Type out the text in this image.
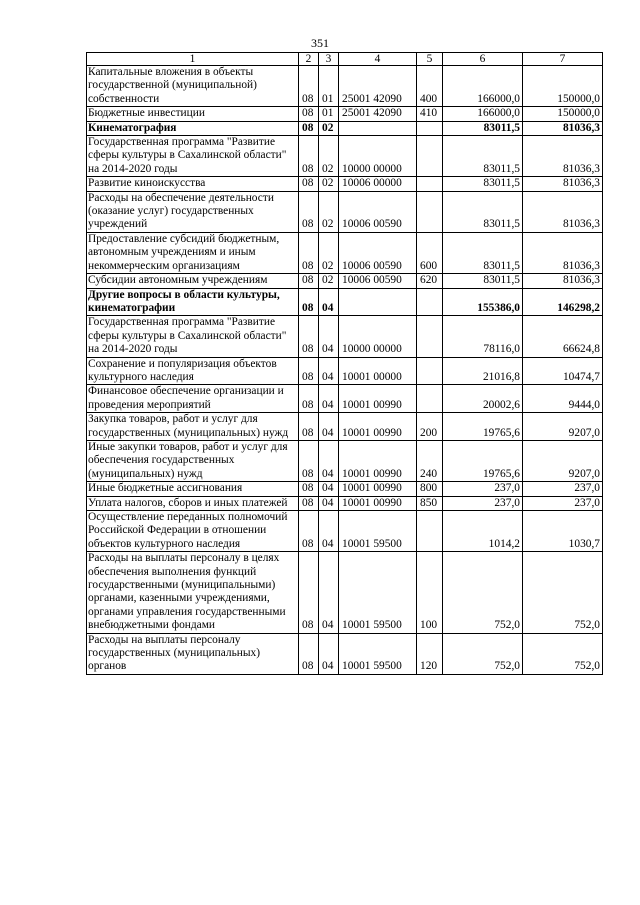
351
1	2	3	4	5	6	7
Капитальные вложения в объекты государственной (муниципальной) собственности	08	01	25001 42090	400	166000,0	150000,0
Бюджетные инвестиции	08	01	25001 42090	410	166000,0	150000,0
Кинематография	08	02			83011,5	81036,3
Государственная программа "Развитие сферы культуры в Сахалинской области" на 2014-2020 годы	08	02	10000 00000		83011,5	81036,3
Развитие киноискусства	08	02	10006 00000		83011,5	81036,3
Расходы на обеспечение деятельности (оказание услуг) государственных учреждений	08	02	10006 00590		83011,5	81036,3
Предоставление субсидий бюджетным, автономным учреждениям и иным некоммерческим организациям	08	02	10006 00590	600	83011,5	81036,3
Субсидии автономным учреждениям	08	02	10006 00590	620	83011,5	81036,3
Другие вопросы в области культуры, кинематографии	08	04			155386,0	146298,2
Государственная программа "Развитие сферы культуры в Сахалинской области" на 2014-2020 годы	08	04	10000 00000		78116,0	66624,8
Сохранение и популяризация объектов культурного наследия	08	04	10001 00000		21016,8	10474,7
Финансовое обеспечение организации и проведения мероприятий	08	04	10001 00990		20002,6	9444,0
Закупка товаров, работ и услуг для государственных (муниципальных) нужд	08	04	10001 00990	200	19765,6	9207,0
Иные закупки товаров, работ и услуг для обеспечения государственных (муниципальных) нужд	08	04	10001 00990	240	19765,6	9207,0
Иные бюджетные ассигнования	08	04	10001 00990	800	237,0	237,0
Уплата налогов, сборов и иных платежей	08	04	10001 00990	850	237,0	237,0
Осуществление переданных полномочий Российской Федерации в отношении объектов культурного наследия	08	04	10001 59500		1014,2	1030,7
Расходы на выплаты персоналу в целях обеспечения выполнения функций государственными (муниципальными) органами, казенными учреждениями, органами управления государственными внебюджетными фондами	08	04	10001 59500	100	752,0	752,0
Расходы на выплаты персоналу государственных (муниципальных) органов	08	04	10001 59500	120	752,0	752,0
